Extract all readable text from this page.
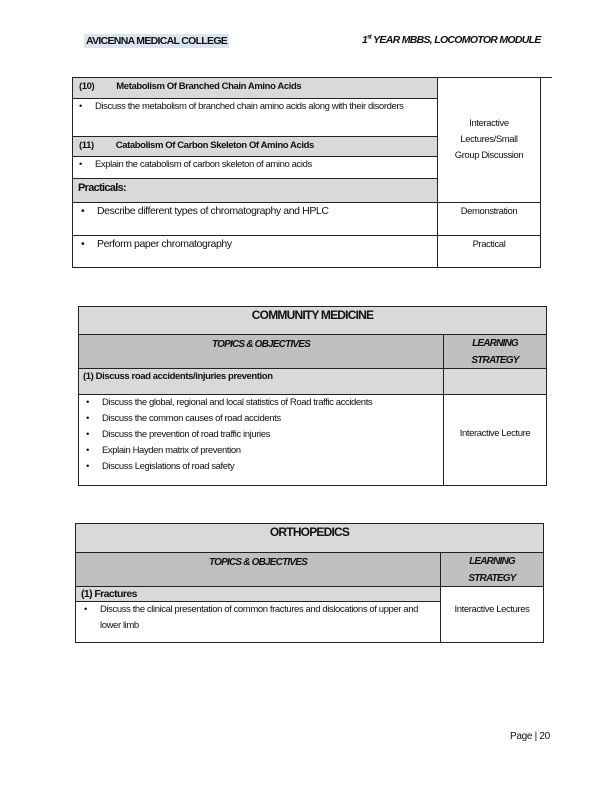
AVICENNA MEDICAL COLLEGE	1st YEAR MBBS, LOCOMOTOR MODULE
(10) Metabolism Of Branched Chain Amino Acids
• Discuss the metabolism of branched chain amino acids along with their disorders
(11) Catabolism Of Carbon Skeleton Of Amino Acids
• Explain the catabolism of carbon skeleton of amino acids
Practicals:
Interactive Lectures/Small Group Discussion
• Describe different types of chromatography and HPLC	Demonstration
• Perform paper chromatography	Practical
COMMUNITY MEDICINE
TOPICS & OBJECTIVES	LEARNING STRATEGY
(1) Discuss road accidents/injuries prevention
• Discuss the global, regional and local statistics of Road traffic accidents
• Discuss the common causes of road accidents
• Discuss the prevention of road traffic injuries
• Explain Hayden matrix of prevention
• Discuss Legislations of road safety
Interactive Lecture
ORTHOPEDICS
TOPICS & OBJECTIVES	LEARNING STRATEGY
(1) Fractures
• Discuss the clinical presentation of common fractures and dislocations of upper and lower limb
Interactive Lectures
Page | 20
